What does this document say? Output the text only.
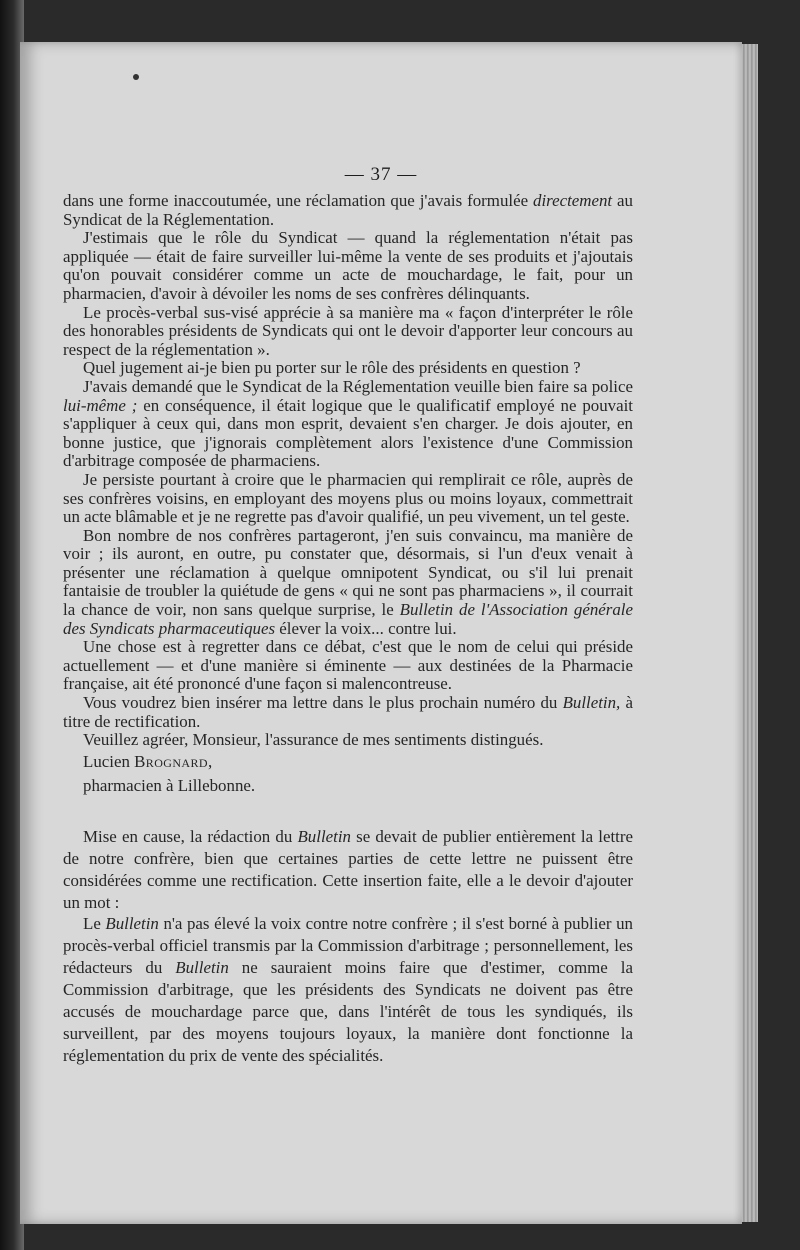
— 37 —

dans une forme inaccoutumée, une réclamation que j'avais formulée directement au Syndicat de la Réglementation.

J'estimais que le rôle du Syndicat — quand la réglementation n'était pas appliquée — était de faire surveiller lui-même la vente de ses produits et j'ajoutais qu'on pouvait considérer comme un acte de mouchardage, le fait, pour un pharmacien, d'avoir à dévoiler les noms de ses confrères délinquants.

Le procès-verbal sus-visé apprécie à sa manière ma « façon d'interpréter le rôle des honorables présidents de Syndicats qui ont le devoir d'apporter leur concours au respect de la réglementation ».

Quel jugement ai-je bien pu porter sur le rôle des présidents en question ?

J'avais demandé que le Syndicat de la Réglementation veuille bien faire sa police lui-même ; en conséquence, il était logique que le qualificatif employé ne pouvait s'appliquer à ceux qui, dans mon esprit, devaient s'en charger. Je dois ajouter, en bonne justice, que j'ignorais complètement alors l'existence d'une Commission d'arbitrage composée de pharmaciens.

Je persiste pourtant à croire que le pharmacien qui remplirait ce rôle, auprès de ses confrères voisins, en employant des moyens plus ou moins loyaux, commettrait un acte blâmable et je ne regrette pas d'avoir qualifié, un peu vivement, un tel geste.

Bon nombre de nos confrères partageront, j'en suis convaincu, ma manière de voir ; ils auront, en outre, pu constater que, désormais, si l'un d'eux venait à présenter une réclamation à quelque omnipotent Syndicat, ou s'il lui prenait fantaisie de troubler la quiétude de gens « qui ne sont pas pharmaciens », il courrait la chance de voir, non sans quelque surprise, le Bulletin de l'Association générale des Syndicats pharmaceutiques élever la voix... contre lui.

Une chose est à regretter dans ce débat, c'est que le nom de celui qui préside actuellement — et d'une manière si éminente — aux destinées de la Pharmacie française, ait été prononcé d'une façon si malencontreuse.

Vous voudrez bien insérer ma lettre dans le plus prochain numéro du Bulletin, à titre de rectification.

Veuillez agréer, Monsieur, l'assurance de mes sentiments distingués.

Lucien Brognard,

pharmacien à Lillebonne.

Mise en cause, la rédaction du Bulletin se devait de publier entièrement la lettre de notre confrère, bien que certaines parties de cette lettre ne puissent être considérées comme une rectification. Cette insertion faite, elle a le devoir d'ajouter un mot :

Le Bulletin n'a pas élevé la voix contre notre confrère ; il s'est borné à publier un procès-verbal officiel transmis par la Commission d'arbitrage ; personnellement, les rédacteurs du Bulletin ne sauraient moins faire que d'estimer, comme la Commission d'arbitrage, que les présidents des Syndicats ne doivent pas être accusés de mouchardage parce que, dans l'intérêt de tous les syndiqués, ils surveillent, par des moyens toujours loyaux, la manière dont fonctionne la réglementation du prix de vente des spécialités.
